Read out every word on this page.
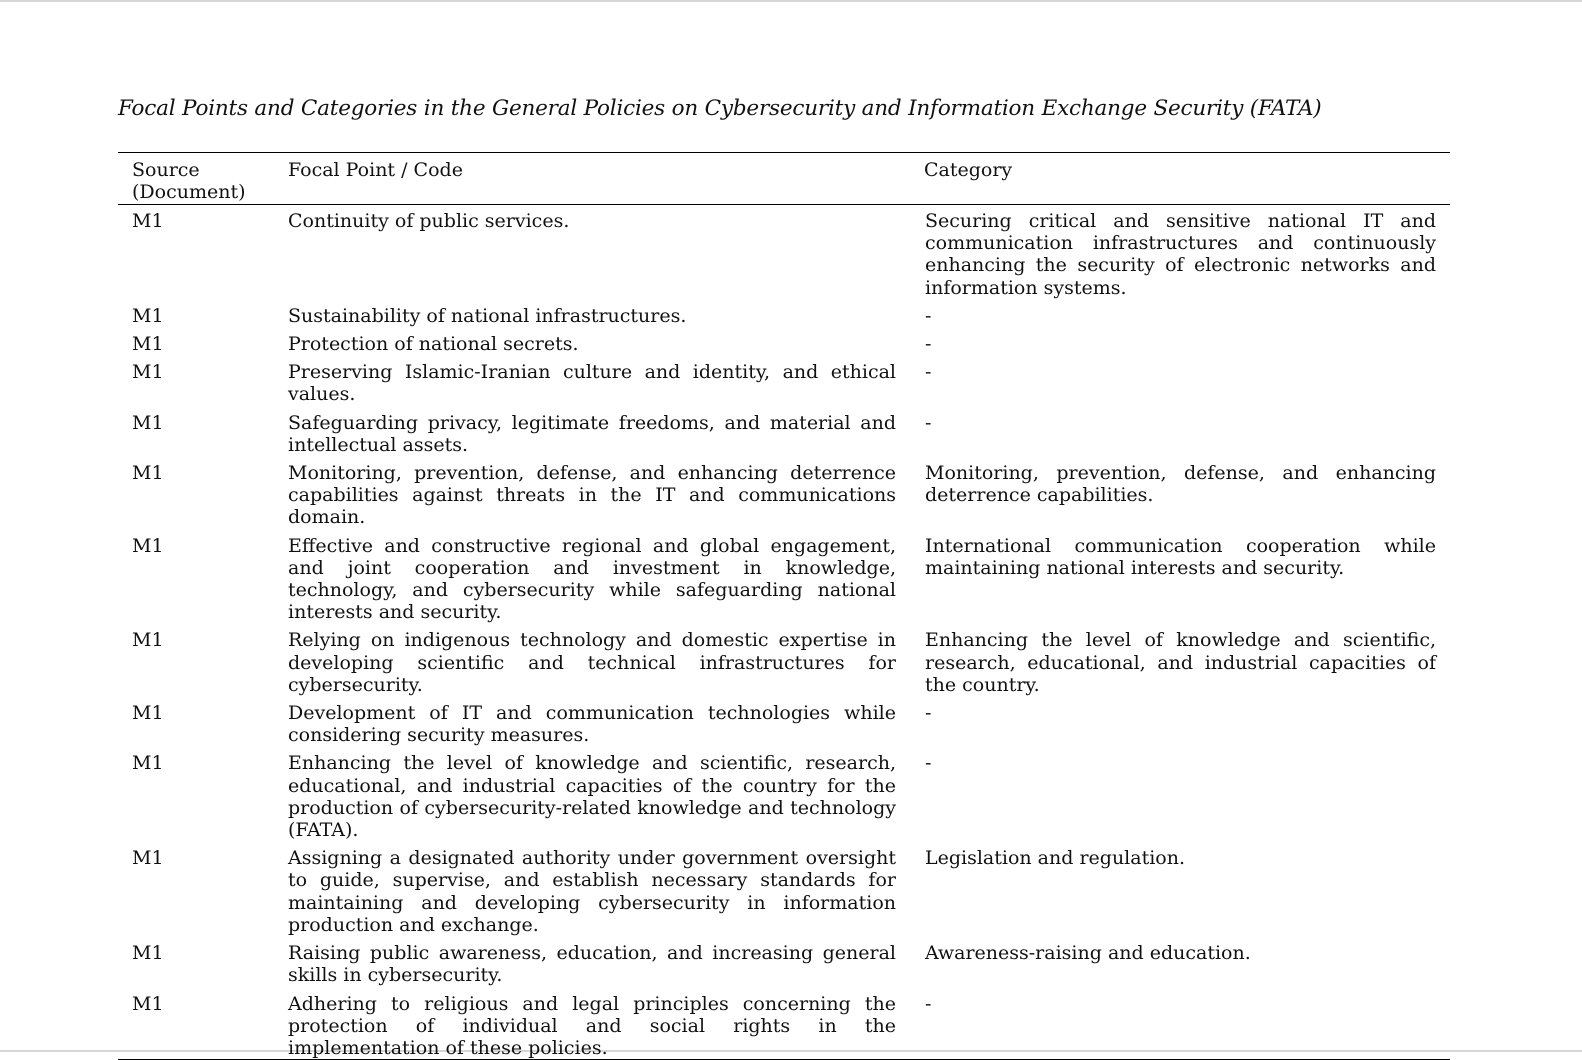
Focal Points and Categories in the General Policies on Cybersecurity and Information Exchange Security (FATA)
Source (Document)	Focal Point / Code	Category
M1	Continuity of public services.	Securing critical and sensitive national IT and communication infrastructures and continuously enhancing the security of electronic networks and information systems.
M1	Sustainability of national infrastructures.	-
M1	Protection of national secrets.	-
M1	Preserving Islamic-Iranian culture and identity, and ethical values.	-
M1	Safeguarding privacy, legitimate freedoms, and material and intellectual assets.	-
M1	Monitoring, prevention, defense, and enhancing deterrence capabilities against threats in the IT and communications domain.	Monitoring, prevention, defense, and enhancing deterrence capabilities.
M1	Effective and constructive regional and global engagement, and joint cooperation and investment in knowledge, technology, and cybersecurity while safeguarding national interests and security.	International communication cooperation while maintaining national interests and security.
M1	Relying on indigenous technology and domestic expertise in developing scientific and technical infrastructures for cybersecurity.	Enhancing the level of knowledge and scientific, research, educational, and industrial capacities of the country.
M1	Development of IT and communication technologies while considering security measures.	-
M1	Enhancing the level of knowledge and scientific, research, educational, and industrial capacities of the country for the production of cybersecurity-related knowledge and technology (FATA).	-
M1	Assigning a designated authority under government oversight to guide, supervise, and establish necessary standards for maintaining and developing cybersecurity in information production and exchange.	Legislation and regulation.
M1	Raising public awareness, education, and increasing general skills in cybersecurity.	Awareness-raising and education.
M1	Adhering to religious and legal principles concerning the protection of individual and social rights in the implementation of these policies.	-
